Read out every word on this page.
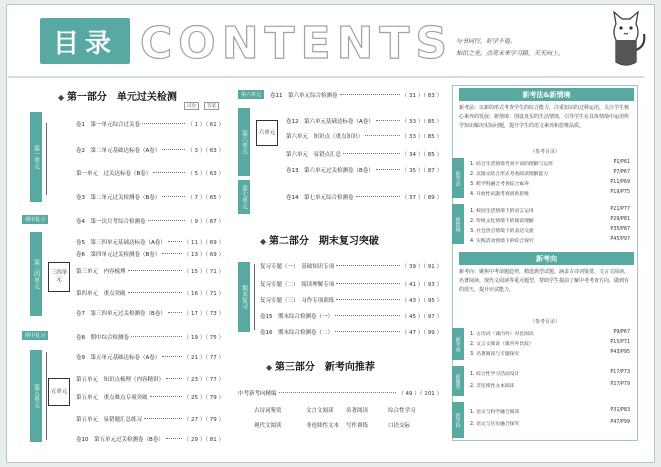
目录 CONTENTS 与书同行，好学不倦。
知识之光，点亮未来学习路，天天向上。
◆ 第一部分　单元过关检测
试卷	答案
第一单元
卷1　第一单元综合过关卷	（ 1 ）（ 61 ）
卷2　第二单元基础达标卷（A卷）	（ 3 ）（ 63 ）
第一单元　过关达标卷（B卷）	（ 5 ）（ 63 ）
卷3　第二单元过关检测卷（B卷）	（ 7 ）（ 65 ）
期中复习	卷4　第一次月考综合检测卷	（ 9 ）（ 67 ）
第三四单元	三四单元
卷5　第三四单元基础达标卷（A卷）	（ 11 ）（ 69 ）
卷6　第四单元过关检测卷（B卷）	（ 13 ）（ 69 ）
第三单元　内容梳理	（ 15 ）（ 71 ）
第四单元　重点突破	（ 16 ）（ 71 ）
卷7　第三四单元过关检测卷（B卷）	（ 17 ）（ 73 ）
期中复习	卷8　期中综合检测卷	（ 19 ）（ 75 ）
第五单元	五单元
卷9　第五单元基础达标卷（A卷）	（ 21 ）（ 77 ）
第五单元　知识点梳理（内容精讲）	（ 23 ）（ 77 ）
第五单元　重点难点专项突破	（ 25 ）（ 79 ）
第五单元　易错题汇总练习	（ 27 ）（ 79 ）
卷10　第五单元过关检测卷（B卷）	（ 29 ）（ 81 ）
第六单元	卷11　第六单元综合检测卷	（ 31 ）（ 83 ）
第六单元	六单元
卷12　第六单元基础达标卷（A卷）	（ 33 ）（ 85 ）
第六单元　知识点（重点知识）	（ 33 ）（ 85 ）
第六单元　易错点汇总	（ 34 ）（ 85 ）
卷13　第六单元过关检测卷（B卷）	（ 35 ）（ 87 ）
第七单元	卷14　第七单元综合检测卷	（ 37 ）（ 89 ）
◆ 第二部分　期末复习突破
期末复习
复习专题（一）　基础知识专项	（ 39 ）（ 91 ）
复习专题（二）　阅读理解专项	（ 41 ）（ 93 ）
复习专题（三）　习作专项训练	（ 43 ）（ 95 ）
卷15　期末综合检测卷（一）	（ 45 ）（ 97 ）
卷16　期末综合检测卷（二）	（ 47 ）（ 99 ）
◆ 第三部分　新考向推荐
中考新考向精编	（ 49 ）（ 101 ）
古诗词鉴赏	文言文阅读 名著阅读	综合性学习
现代文阅读	非连续性文本 写作训练	口语交际
新考法&新情境
新考法：以新的形式考查学生的综合能力，注重知识的迁移运用，关注学生核心素养的发展；新情境：创设真实的生活情境，引导学生在具体情境中运用所学知识解决实际问题，提升学生的语文素养和思维品质。
（参考目录）
新考法
1. 结合生活情境考查字词的理解与运用	P1/P61
2. 以图文结合形式考查阅读理解能力	P7/P67
3. 跨学科融合考查综合素养	P11/P69
4. 开放性试题考查创新思维	P19/P75
新情境
1. 校园生活情境下的语言运用	P21/P77
2. 传统文化情境下的阅读理解	P29/P81
3. 社会热点情境下的表达交流	P35/P87
4. 实践活动情境下的综合探究	P45/P97
新考向
新考向：聚焦中考命题趋势，精选典型试题，涵盖古诗词鉴赏、文言文阅读、名著阅读、现代文阅读等重点题型，帮助学生提前了解中考考查方向，做到有的放矢，提升应试能力。
（参考目录）
新考向
1. 古诗词（课内外）对比阅读	P9/P67
2. 文言文阅读（课内外比较）	P15/P71
3. 名著阅读与专题探究	P43/P95
新题型	1. 综合性学习活动设计	P17/P73
2. 非连续性文本阅读	P27/P79
跨学科	1. 语文与科学融合阅读	P31/P83
2. 语文与历史融合探究	P47/P99
